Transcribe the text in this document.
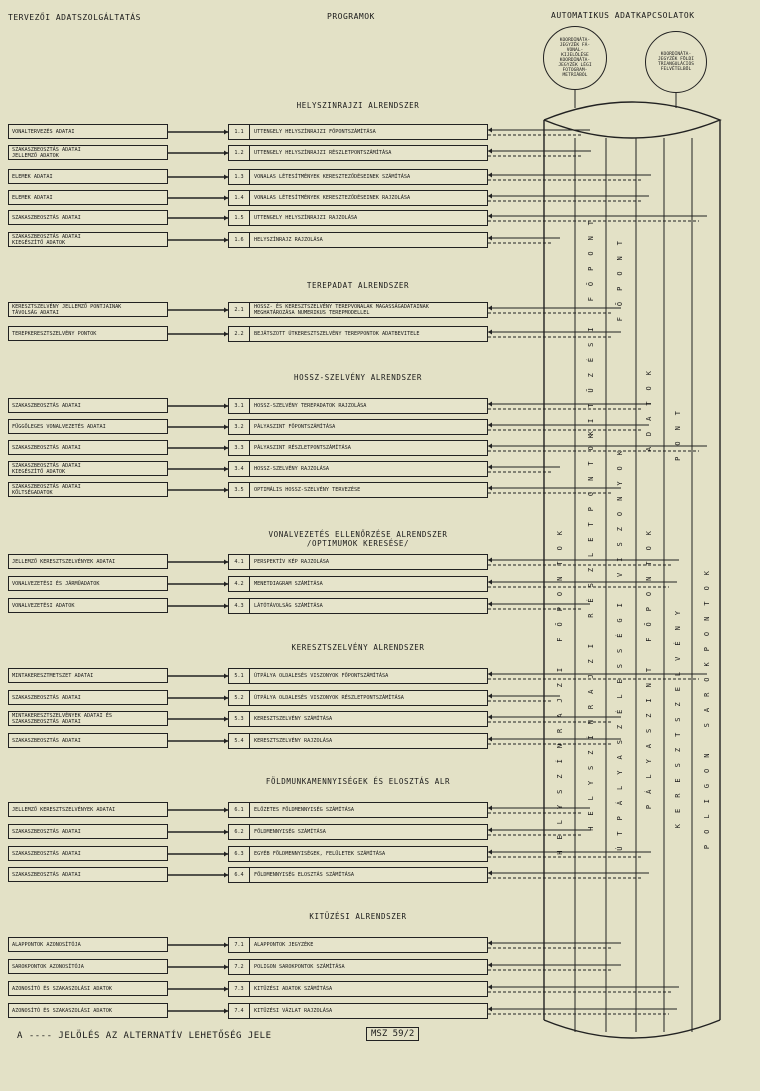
TERVEZŐI ADATSZOLGÁLTATÁS	PROGRAMOK	AUTOMATIKUS ADATKAPCSOLATOK
KOORDINÁTA-
JEGYZÉK FÁ-
VONAL-
KIJELÖLÉSE
KOORDINÁTA-
JEGYZÉK LÉGI
FOTOGRAM-
METRIÁBÓL
KOORDINÁTA-
JEGYZÉK FÖLDI
TRIANGULÁCIÓS
FELVÉTELBŐL
HELYSZINRAJZI ALRENDSZER
VONALTERVEZÉS ADATAI	1.1	UTTENGELY HELYSZÍNRAJZI FŐPONTSZÁMÍTÁSA
SZAKASZBEOSZTÁS ADATAI
JELLEMZŐ ADATOK	1.2	UTTENGELY HELYSZÍNRAJZI RÉSZLETPONTSZÁMÍTÁSA
ELEMEK ADATAI	1.3	VONALAS LÉTESÍTMÉNYEK KERESZTEZŐDÉSEINEK SZÁMÍTÁSA
ELEMEK ADATAI	1.4	VONALAS LÉTESÍTMÉNYEK KERESZTEZŐDÉSEINEK RAJZOLÁSA
SZAKASZBEOSZTÁS ADATAI	1.5	UTTENGELY HELYSZÍNRAJZI RAJZOLÁSA
SZAKASZBEOSZTÁS ADATAI
KIEGÉSZÍTŐ ADATOK	1.6	HELYSZÍNRAJZ RAJZOLÁSA
TEREPADAT ALRENDSZER
KERESZTSZELVÉNY JELLEMZŐ PONTJAINAK
TÁVOLSÁG ADATAI	2.1	HOSSZ- ÉS KERESZTSZELVÉNY TEREPVONALAK MAGASSÁGADATAINAK
MEGHATÁROZÁSA NUMERIKUS TEREPMODELLEL
TEREPKERESZTSZELVÉNY PONTOK	2.2	BEJÁTSZOTT ÚTKERESZTSZELVÉNY TEREPPONTOK ADATBEVITELE
HOSSZ-SZELVÉNY ALRENDSZER
SZAKASZBEOSZTÁS ADATAI	3.1	HOSSZ-SZELVÉNY TEREPADATOK RAJZOLÁSA
FÜGGŐLEGES VONALVEZETÉS ADATAI	3.2	PÁLYASZINT FŐPONTSZÁMÍTÁSA
SZAKASZBEOSZTÁS ADATAI	3.3	PÁLYASZINT RÉSZLETPONTSZÁMÍTÁSA
SZAKASZBEOSZTÁS ADATAI
KIEGÉSZÍTŐ ADATOK	3.4	HOSSZ-SZELVÉNY RAJZOLÁSA
SZAKASZBEOSZTÁS ADATAI
KÖLTSÉGADATOK	3.5	OPTIMÁLIS HOSSZ-SZELVÉNY TERVEZÉSE
VONALVEZETÉS ELLENŐRZÉSE ALRENDSZER
/OPTIMUMOK KERESÉSE/
JELLEMZŐ KERESZTSZELVÉNYEK ADATAI	4.1	PERSPEKTÍV KÉP RAJZOLÁSA
VONALVEZETÉSI ÉS JÁRMŰADATOK	4.2	MENETDIAGRAM SZÁMÍTÁSA
VONALVEZETÉSI ADATOK	4.3	LÁTÓTÁVOLSÁG SZÁMÍTÁSA
KERESZTSZELVÉNY ALRENDSZER
MINTAKERESZTMETSZET ADATAI	5.1	ÚTPÁLYA OLDALESÉS VISZONYOK FŐPONTSZÁMÍTÁSA
SZAKASZBEOSZTÁS ADATAI	5.2	ÚTPÁLYA OLDALESÉS VISZONYOK RÉSZLETPONTSZÁMÍTÁSA
MINTAKERESZTSZELVÉNYEK ADATAI ÉS
SZAKASZBEOSZTÁS ADATAI	5.3	KERESZTSZELVÉNY SZÁMÍTÁSA
SZAKASZBEOSZTÁS ADATAI	5.4	KERESZTSZELVÉNY RAJZOLÁSA
FÖLDMUNKAMENNYISÉGEK ÉS ELOSZTÁS ALR
JELLEMZŐ KERESZTSZELVÉNYEK ADATAI	6.1	ELŐZETES FÖLDMENNYISÉG SZÁMÍTÁSA
SZAKASZBEOSZTÁS ADATAI	6.2	FÖLDMENNYISÉG SZÁMÍTÁSA
SZAKASZBEOSZTÁS ADATAI	6.3	EGYÉB FÖLDMENNYISÉGEK, FELÜLETEK SZÁMÍTÁSA
SZAKASZBEOSZTÁS ADATAI	6.4	FÖLDMENNYISÉG ELOSZTÁS SZÁMÍTÁSA
KITÜZÉSI ALRENDSZER
ALAPPONTOK AZONOSÍTÓJA	7.1	ALAPPONTOK JEGYZÉKE
SAROKPONTOK AZONOSÍTÓJA	7.2	POLIGON SAROKPONTOK SZÁMÍTÁSA
AZONOSÍTÓ ÉS SZAKASZOLÁSI ADATOK	7.3	KITŰZÉSI ADATOK SZÁMÍTÁSA
AZONOSÍTÓ ÉS SZAKASZOLÁSI ADATOK	7.4	KITŰZÉSI VÁZLAT RAJZOLÁSA
HELYSZÍNRAJZI FŐPONTOK	HELYSZÍNRAJZI RÉSZLETPONTOK	ÚTPÁLYASZÉLESSÉGI VISZONYOK	PÁLYASZINT FŐPONTOK	KERESZTSZELVÉNY	POLIGON SAROKPONTOK
KITŰZÉSI FŐPONT	FŐPONT
ADATOK	PONT
A ---- JELÖLÉS AZ ALTERNATÍV LEHETŐSÉG JELE	MSZ 59/2
